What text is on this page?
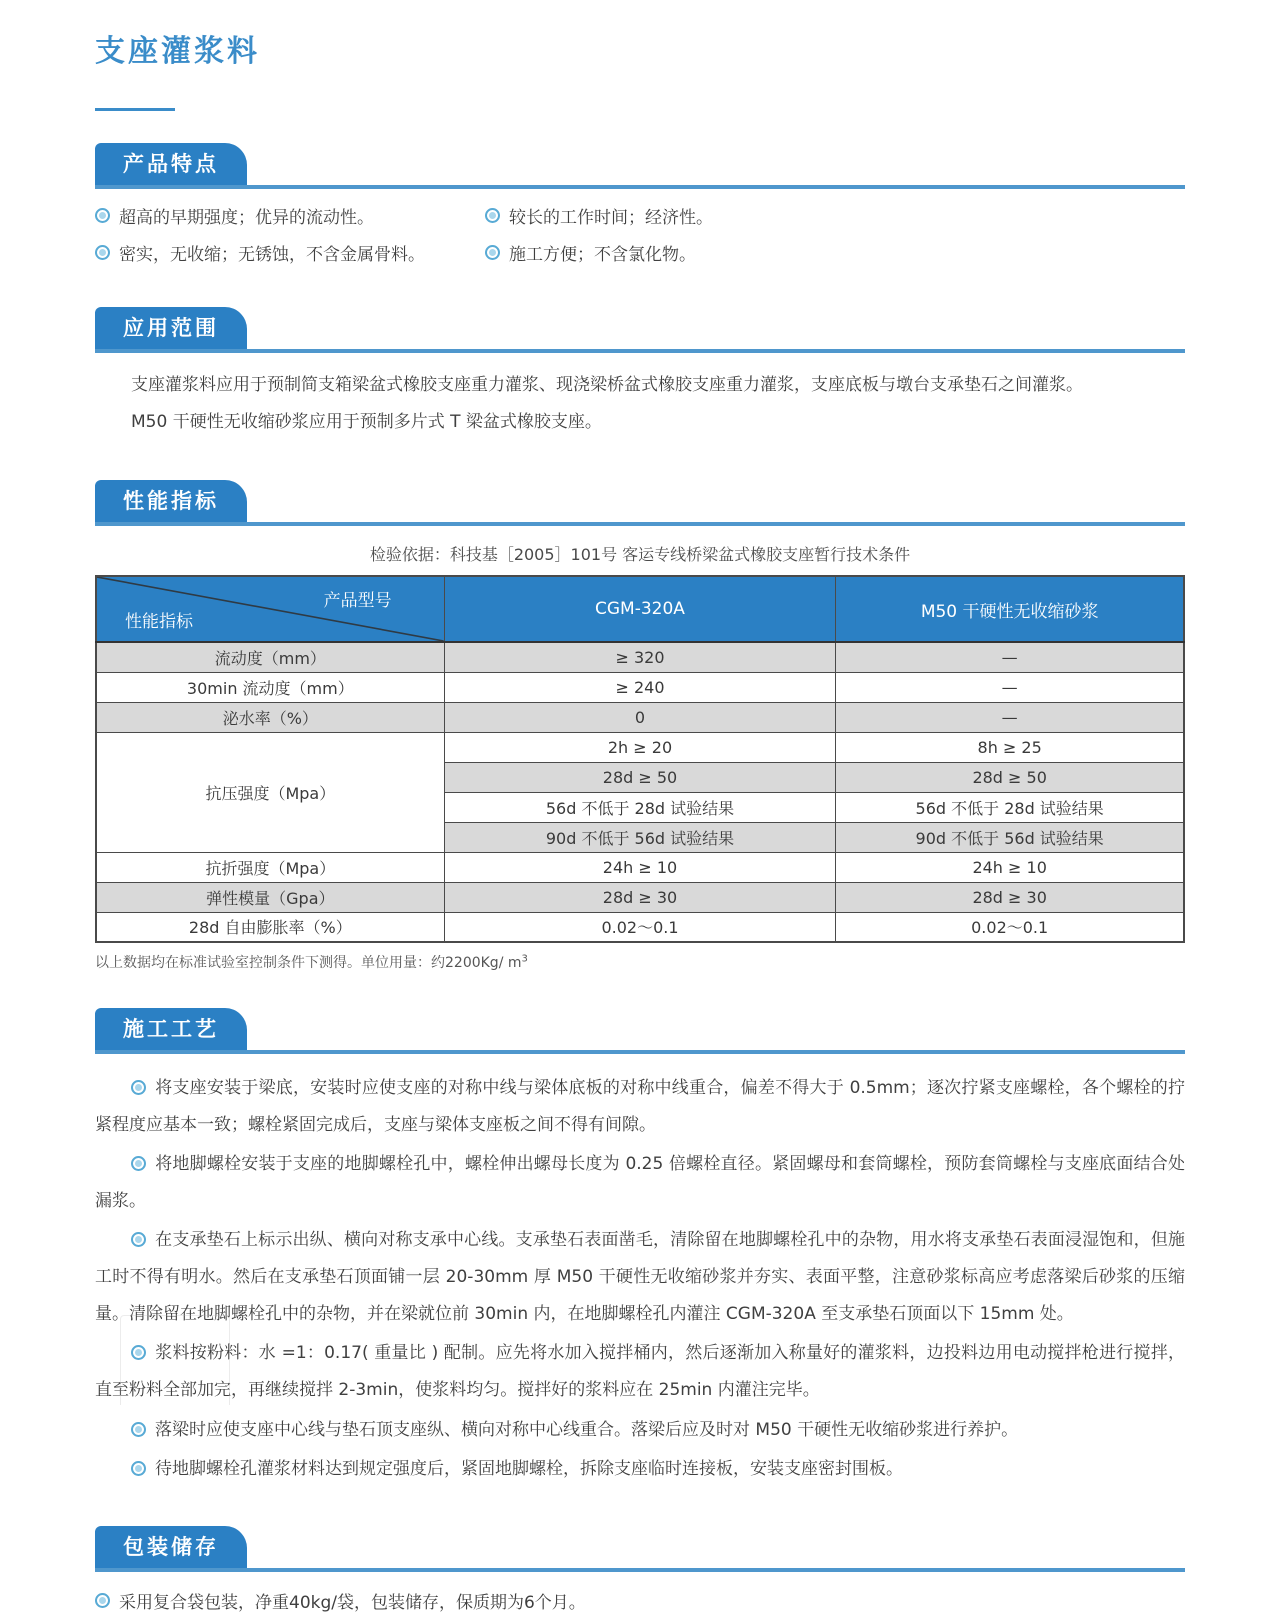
支座灌浆料
产品特点
超高的早期强度；优异的流动性。	较长的工作时间；经济性。
密实，无收缩；无锈蚀，不含金属骨料。	施工方便；不含氯化物。
应用范围
支座灌浆料应用于预制简支箱梁盆式橡胶支座重力灌浆、现浇梁桥盆式橡胶支座重力灌浆，支座底板与墩台支承垫石之间灌浆。
M50 干硬性无收缩砂浆应用于预制多片式 T 梁盆式橡胶支座。
性能指标
检验依据：科技基［2005］101号 客运专线桥梁盆式橡胶支座暂行技术条件
产品型号
性能指标	CGM-320A	M50 干硬性无收缩砂浆
流动度（mm）	≥ 320	—
30min 流动度（mm）	≥ 240	—
泌水率（%）	0	—
抗压强度（Mpa）	2h ≥ 20	8h ≥ 25
	28d ≥ 50	28d ≥ 50
	56d 不低于 28d 试验结果	56d 不低于 28d 试验结果
	90d 不低于 56d 试验结果	90d 不低于 56d 试验结果
抗折强度（Mpa）	24h ≥ 10	24h ≥ 10
弹性模量（Gpa）	28d ≥ 30	28d ≥ 30
28d 自由膨胀率（%）	0.02～0.1	0.02～0.1
以上数据均在标准试验室控制条件下测得。单位用量：约2200Kg/ $m^3$
施工工艺

将支座安装于梁底，安装时应使支座的对称中线与梁体底板的对称中线重合，偏差不得大于 0.5mm；逐次拧紧支座螺栓，各个螺栓的拧紧程度应基本一致；螺栓紧固完成后，支座与梁体支座板之间不得有间隙。

将地脚螺栓安装于支座的地脚螺栓孔中，螺栓伸出螺母长度为 0.25 倍螺栓直径。紧固螺母和套筒螺栓，预防套筒螺栓与支座底面结合处漏浆。

在支承垫石上标示出纵、横向对称支承中心线。支承垫石表面凿毛，清除留在地脚螺栓孔中的杂物，用水将支承垫石表面浸湿饱和，但施工时不得有明水。然后在支承垫石顶面铺一层 20-30mm 厚 M50 干硬性无收缩砂浆并夯实、表面平整，注意砂浆标高应考虑落梁后砂浆的压缩量。清除留在地脚螺栓孔中的杂物，并在梁就位前 30min 内，在地脚螺栓孔内灌注 CGM-320A 至支承垫石顶面以下 15mm 处。

浆料按粉料：水 =1：0.17( 重量比 ) 配制。应先将水加入搅拌桶内，然后逐渐加入称量好的灌浆料，边投料边用电动搅拌枪进行搅拌，直至粉料全部加完，再继续搅拌 2-3min，使浆料均匀。搅拌好的浆料应在 25min 内灌注完毕。

落梁时应使支座中心线与垫石顶支座纵、横向对称中心线重合。落梁后应及时对 M50 干硬性无收缩砂浆进行养护。

待地脚螺栓孔灌浆材料达到规定强度后，紧固地脚螺栓，拆除支座临时连接板，安装支座密封围板。

包装储存
采用复合袋包装，净重40kg/袋，包装储存，保质期为6个月。
